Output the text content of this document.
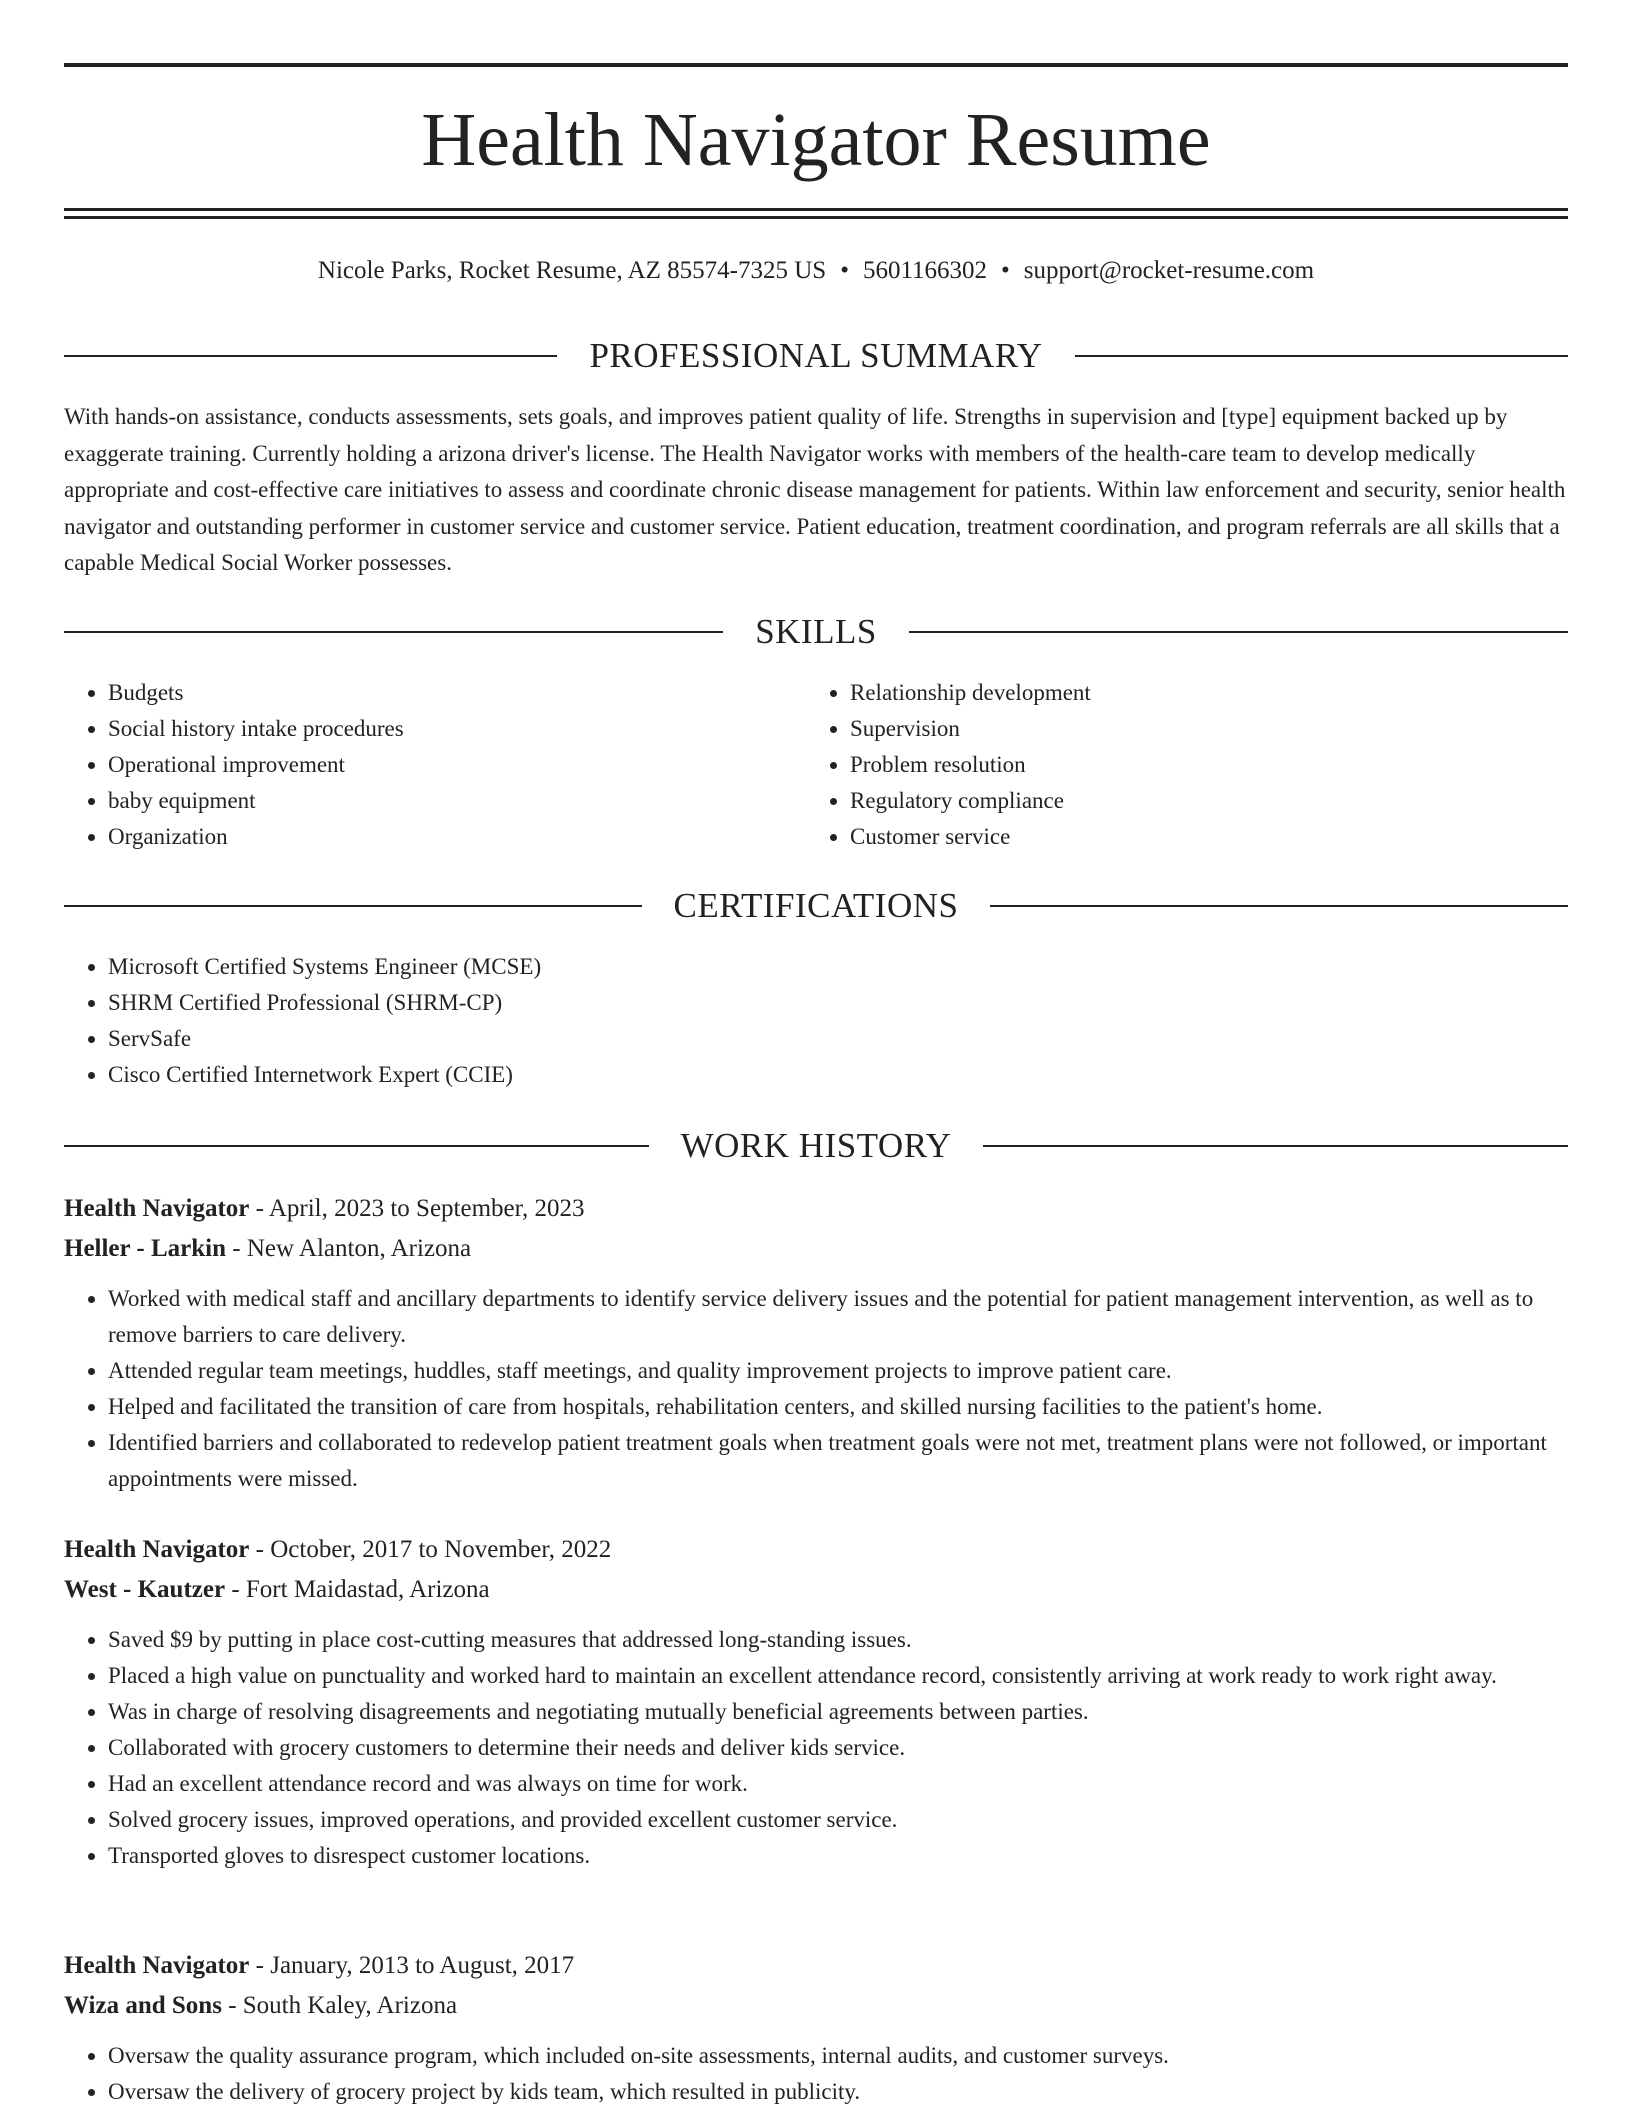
Health Navigator Resume
Nicole Parks, Rocket Resume, AZ 85574-7325 US • 5601166302 • support@rocket-resume.com
PROFESSIONAL SUMMARY

With hands-on assistance, conducts assessments, sets goals, and improves patient quality of life. Strengths in supervision and [type] equipment backed up by exaggerate training. Currently holding a arizona driver's license. The Health Navigator works with members of the health-care team to develop medically appropriate and cost-effective care initiatives to assess and coordinate chronic disease management for patients. Within law enforcement and security, senior health navigator and outstanding performer in customer service and customer service. Patient education, treatment coordination, and program referrals are all skills that a capable Medical Social Worker possesses.

SKILLS
• Budgets
• Social history intake procedures
• Operational improvement
• baby equipment
• Organization
• Relationship development
• Supervision
• Problem resolution
• Regulatory compliance
• Customer service
CERTIFICATIONS
• Microsoft Certified Systems Engineer (MCSE)
• SHRM Certified Professional (SHRM-CP)
• ServSafe
• Cisco Certified Internetwork Expert (CCIE)
WORK HISTORY
Health Navigator - April, 2023 to September, 2023
Heller - Larkin - New Alanton, Arizona
• Worked with medical staff and ancillary departments to identify service delivery issues and the potential for patient management intervention, as well as to remove barriers to care delivery.
• Attended regular team meetings, huddles, staff meetings, and quality improvement projects to improve patient care.
• Helped and facilitated the transition of care from hospitals, rehabilitation centers, and skilled nursing facilities to the patient's home.
• Identified barriers and collaborated to redevelop patient treatment goals when treatment goals were not met, treatment plans were not followed, or important appointments were missed.
Health Navigator - October, 2017 to November, 2022
West - Kautzer - Fort Maidastad, Arizona
• Saved $9 by putting in place cost-cutting measures that addressed long-standing issues.
• Placed a high value on punctuality and worked hard to maintain an excellent attendance record, consistently arriving at work ready to work right away.
• Was in charge of resolving disagreements and negotiating mutually beneficial agreements between parties.
• Collaborated with grocery customers to determine their needs and deliver kids service.
• Had an excellent attendance record and was always on time for work.
• Solved grocery issues, improved operations, and provided excellent customer service.
• Transported gloves to disrespect customer locations.
Health Navigator - January, 2013 to August, 2017
Wiza and Sons - South Kaley, Arizona
• Oversaw the quality assurance program, which included on-site assessments, internal audits, and customer surveys.
• Oversaw the delivery of grocery project by kids team, which resulted in publicity.
